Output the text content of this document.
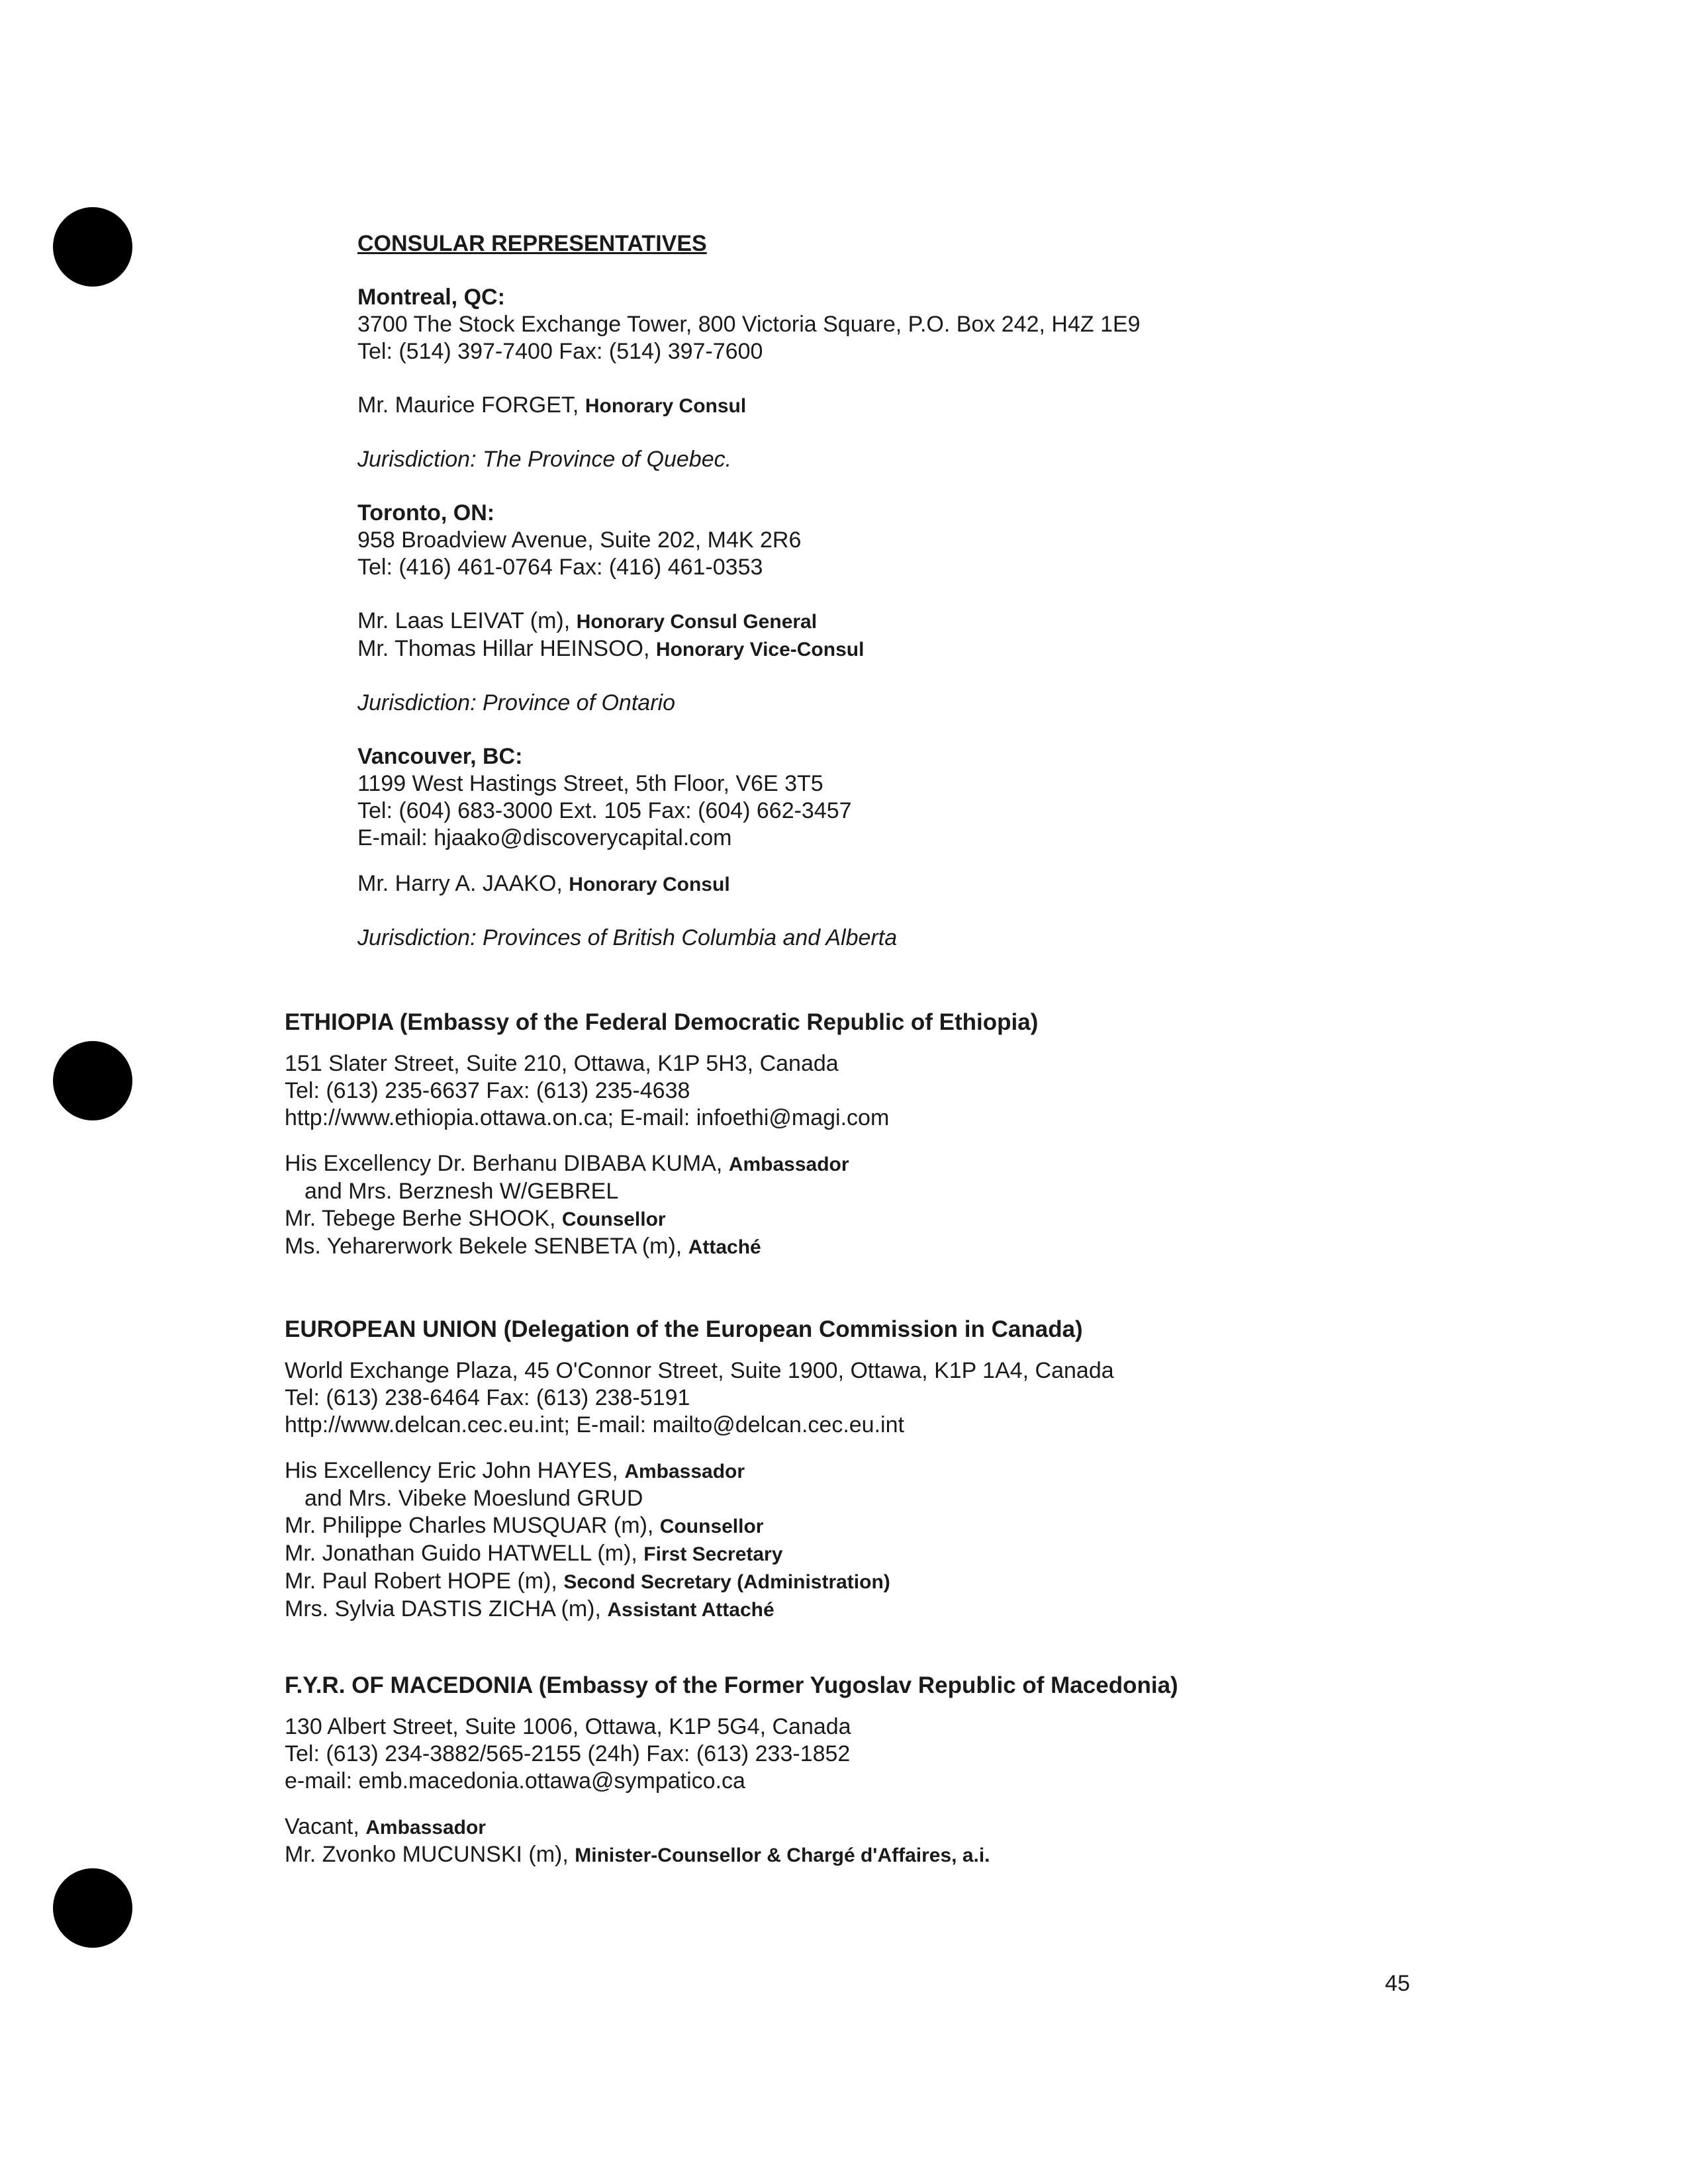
CONSULAR REPRESENTATIVES

Montreal, QC:

3700 The Stock Exchange Tower, 800 Victoria Square, P.O. Box 242, H4Z 1E9

Tel: (514) 397-7400 Fax: (514) 397-7600

Mr. Maurice FORGET, Honorary Consul

Jurisdiction: The Province of Quebec.

Toronto, ON:

958 Broadview Avenue, Suite 202, M4K 2R6

Tel: (416) 461-0764 Fax: (416) 461-0353

Mr. Laas LEIVAT (m), Honorary Consul General

Mr. Thomas Hillar HEINSOO, Honorary Vice-Consul

Jurisdiction: Province of Ontario

Vancouver, BC:

1199 West Hastings Street, 5th Floor, V6E 3T5

Tel: (604) 683-3000 Ext. 105 Fax: (604) 662-3457

E-mail: hjaako@discoverycapital.com

Mr. Harry A. JAAKO, Honorary Consul

Jurisdiction: Provinces of British Columbia and Alberta

ETHIOPIA (Embassy of the Federal Democratic Republic of Ethiopia)

151 Slater Street, Suite 210, Ottawa, K1P 5H3, Canada

Tel: (613) 235-6637 Fax: (613) 235-4638

http://www.ethiopia.ottawa.on.ca; E-mail: infoethi@magi.com

His Excellency Dr. Berhanu DIBABA KUMA, Ambassador

and Mrs. Berznesh W/GEBREL

Mr. Tebege Berhe SHOOK, Counsellor

Ms. Yeharerwork Bekele SENBETA (m), Attaché

EUROPEAN UNION (Delegation of the European Commission in Canada)

World Exchange Plaza, 45 O'Connor Street, Suite 1900, Ottawa, K1P 1A4, Canada

Tel: (613) 238-6464 Fax: (613) 238-5191

http://www.delcan.cec.eu.int; E-mail: mailto@delcan.cec.eu.int

His Excellency Eric John HAYES, Ambassador

and Mrs. Vibeke Moeslund GRUD

Mr. Philippe Charles MUSQUAR (m), Counsellor

Mr. Jonathan Guido HATWELL (m), First Secretary

Mr. Paul Robert HOPE (m), Second Secretary (Administration)

Mrs. Sylvia DASTIS ZICHA (m), Assistant Attaché

F.Y.R. OF MACEDONIA (Embassy of the Former Yugoslav Republic of Macedonia)

130 Albert Street, Suite 1006, Ottawa, K1P 5G4, Canada

Tel: (613) 234-3882/565-2155 (24h) Fax: (613) 233-1852

e-mail: emb.macedonia.ottawa@sympatico.ca

Vacant, Ambassador

Mr. Zvonko MUCUNSKI (m), Minister-Counsellor & Chargé d'Affaires, a.i.

45
